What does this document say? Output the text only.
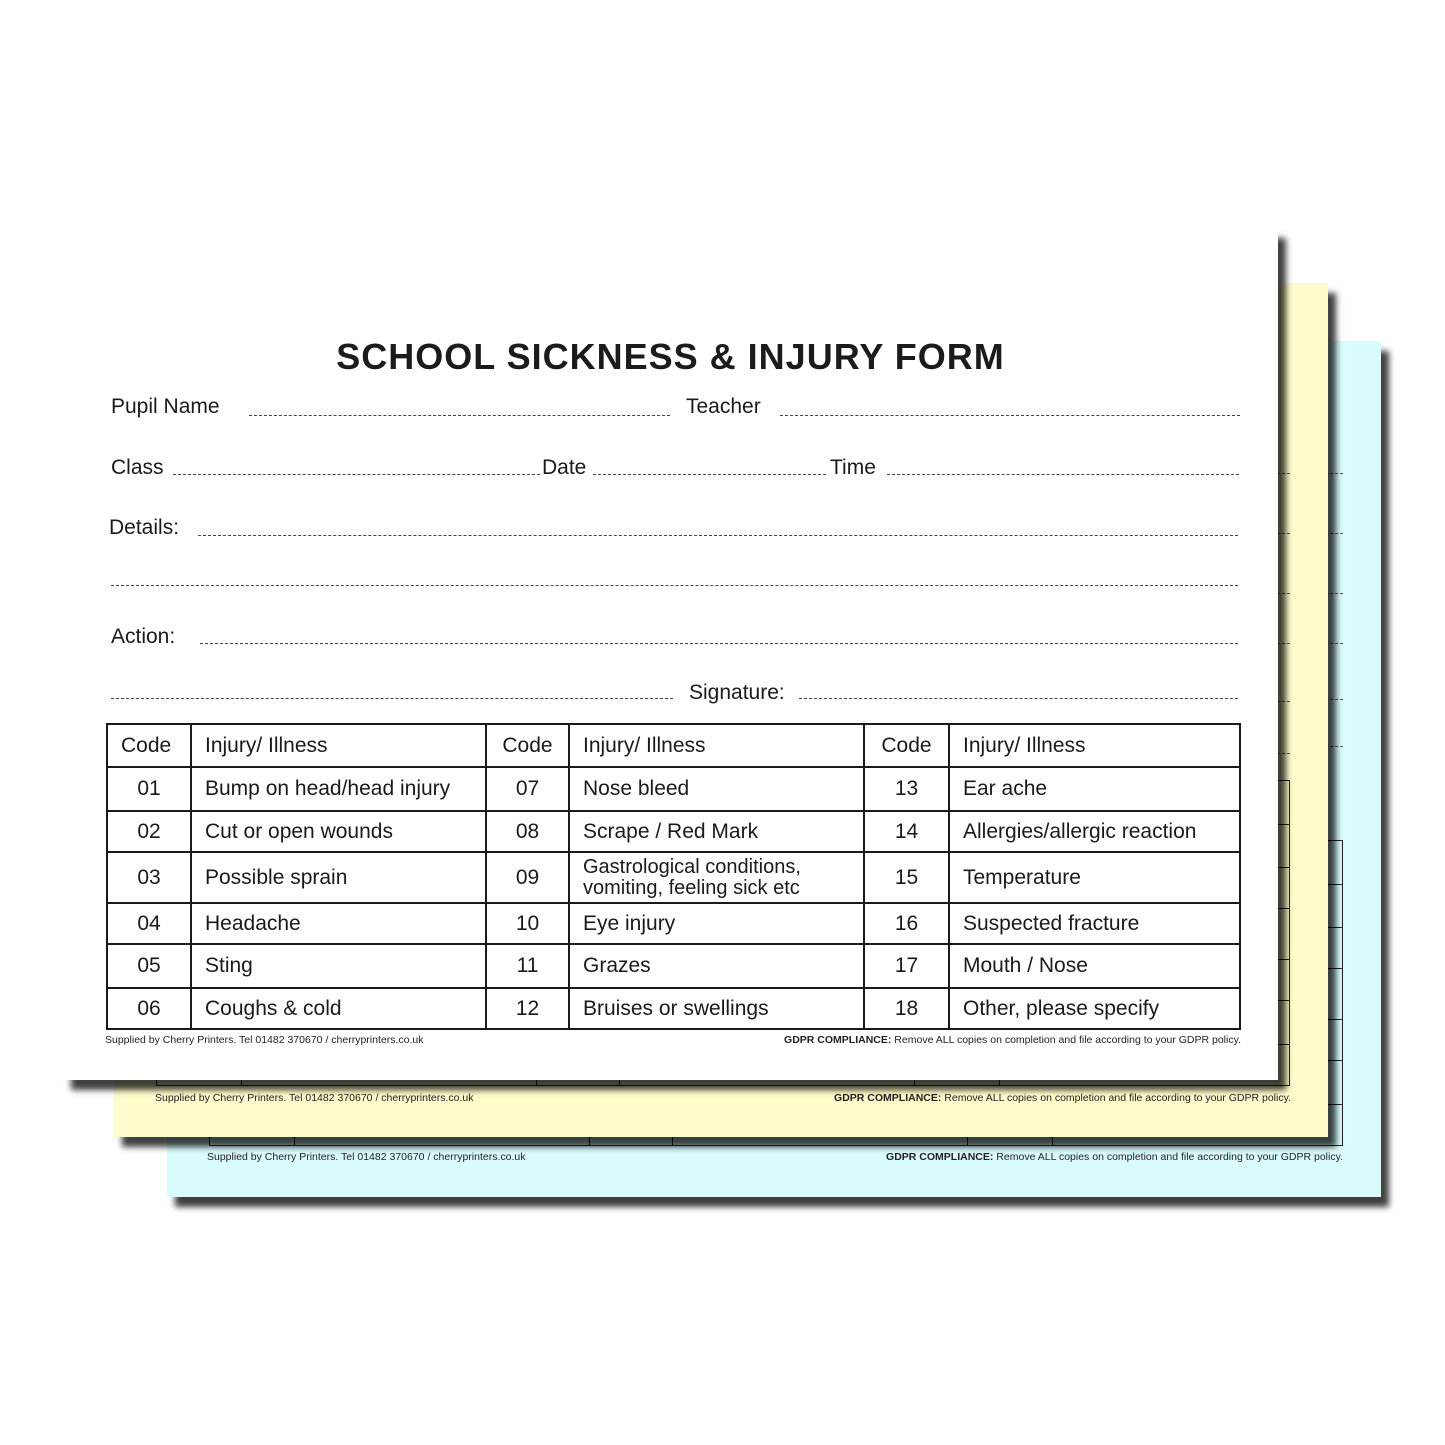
Supplied by Cherry Printers. Tel 01482 370670 / cherryprinters.co.uk	GDPR COMPLIANCE: Remove ALL copies on completion and file according to your GDPR policy.
Supplied by Cherry Printers. Tel 01482 370670 / cherryprinters.co.uk	GDPR COMPLIANCE: Remove ALL copies on completion and file according to your GDPR policy.
SCHOOL SICKNESS & INJURY FORM
Pupil Name	Teacher
Class	Date	Time
Details:
Action:
Signature:
Code	Injury/ Illness	Code	Injury/ Illness	Code	Injury/ Illness
01	Bump on head/head injury	07	Nose bleed	13	Ear ache
02	Cut or open wounds	08	Scrape / Red Mark	14	Allergies/allergic reaction
03	Possible sprain	09	Gastrological conditions, vomiting, feeling sick etc	15	Temperature
04	Headache	10	Eye injury	16	Suspected fracture
05	Sting	11	Grazes	17	Mouth / Nose
06	Coughs & cold	12	Bruises or swellings	18	Other, please specify
Supplied by Cherry Printers. Tel 01482 370670 / cherryprinters.co.uk	GDPR COMPLIANCE: Remove ALL copies on completion and file according to your GDPR policy.
